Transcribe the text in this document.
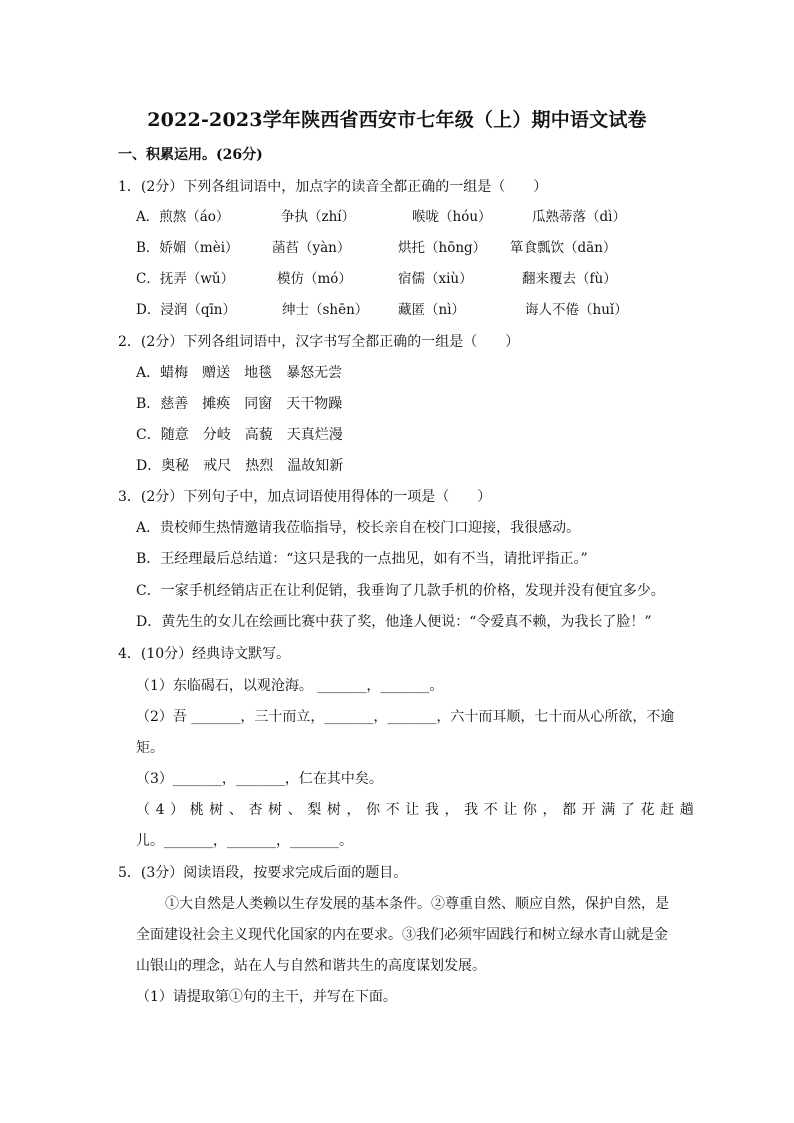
2022-2023学年陕西省西安市七年级（上）期中语文试卷
一、积累运用。(26分)
1．(2分）下列各组词语中，加点字的读音全都正确的一组是（　　）
A．煎熬（áo）	争执（zhí）	喉咙（hóu）	瓜熟蒂落（dì）
B．娇媚（mèi） 菡萏（yàn）	烘托（hōng） 箪食瓢饮（dān）
C．抚弄（wǔ）	模仿（mó）	宿儒（xiù）	翻来覆去（fù）
D．浸润（qīn）	绅士（shēn） 藏匿（nì）	诲人不倦（huǐ）
2．(2分）下列各组词语中，汉字书写全都正确的一组是（　　）
A．蜡梅　赠送　地毯　暴怒无尝
B．慈善　摊痪　同窗　天干物躁
C．随意　分岐　高藐　天真烂漫
D．奥秘　戒尺　热烈　温故知新
3．(2分）下列句子中，加点词语使用得体的一项是（　　）
A．贵校师生热情邀请我莅临指导，校长亲自在校门口迎接，我很感动。
B．王经理最后总结道：“这只是我的一点拙见，如有不当，请批评指正。”
C．一家手机经销店正在让利促销，我垂询了几款手机的价格，发现并没有便宜多少。
D．黄先生的女儿在绘画比赛中获了奖，他逢人便说：“令爱真不赖，为我长了脸！”
4．(10分）经典诗文默写。
（1）东临碣石，以观沧海。 _______，_______。
（2）吾 _______，三十而立，_______，_______，六十而耳顺，七十而从心所欲，不逾
矩。
（3）_______，_______，仁在其中矣。
（4）桃树、杏树、梨树，你不让我，我不让你，都开满了花赶趟
儿。_______，_______，_______。
5．(3分）阅读语段，按要求完成后面的题目。
①大自然是人类赖以生存发展的基本条件。②尊重自然、顺应自然，保护自然，是
全面建设社会主义现代化国家的内在要求。③我们必须牢固践行和树立绿水青山就是金
山银山的理念，站在人与自然和谐共生的高度谋划发展。
（1）请提取第①句的主干，并写在下面。
